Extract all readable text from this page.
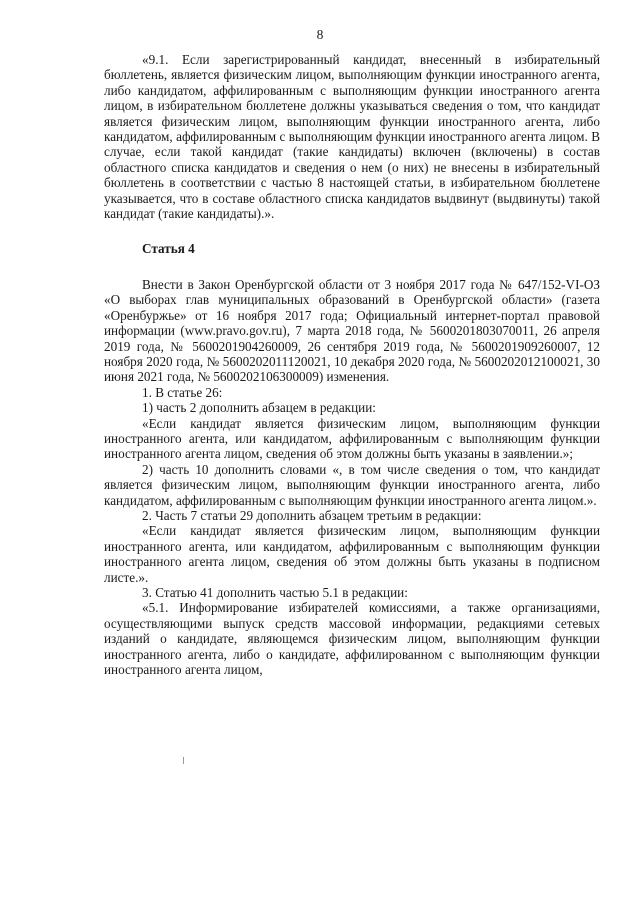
8

«9.1. Если зарегистрированный кандидат, внесенный в избирательный бюллетень, является физическим лицом, выполняющим функции иностранного агента, либо кандидатом, аффилированным с выполняющим функции иностранного агента лицом, в избирательном бюллетене должны указываться сведения о том, что кандидат является физическим лицом, выполняющим функции иностранного агента, либо кандидатом, аффилированным с выполняющим функции иностранного агента лицом. В случае, если такой кандидат (такие кандидаты) включен (включены) в состав областного списка кандидатов и сведения о нем (о них) не внесены в избирательный бюллетень в соответствии с частью 8 настоящей статьи, в избирательном бюллетене указывается, что в составе областного списка кандидатов выдвинут (выдвинуты) такой кандидат (такие кандидаты).».

Статья 4

Внести в Закон Оренбургской области от 3 ноября 2017 года № 647/152-VI-ОЗ «О выборах глав муниципальных образований в Оренбургской области» (газета «Оренбуржье» от 16 ноября 2017 года; Официальный интернет-портал правовой информации (www.pravo.gov.ru), 7 марта 2018 года, № 5600201803070011, 26 апреля 2019 года, № 5600201904260009, 26 сентября 2019 года, № 5600201909260007, 12 ноября 2020 года, № 5600202011120021, 10 декабря 2020 года, № 5600202012100021, 30 июня 2021 года, № 5600202106300009) изменения.

1. В статье 26:

1) часть 2 дополнить абзацем в редакции:

«Если кандидат является физическим лицом, выполняющим функции иностранного агента, или кандидатом, аффилированным с выполняющим функции иностранного агента лицом, сведения об этом должны быть указаны в заявлении.»;

2) часть 10 дополнить словами «, в том числе сведения о том, что кандидат является физическим лицом, выполняющим функции иностранного агента, либо кандидатом, аффилированным с выполняющим функции иностранного агента лицом.».

2. Часть 7 статьи 29 дополнить абзацем третьим в редакции:

«Если кандидат является физическим лицом, выполняющим функции иностранного агента, или кандидатом, аффилированным с выполняющим функции иностранного агента лицом, сведения об этом должны быть указаны в подписном листе.».

3. Статью 41 дополнить частью 5.1 в редакции:

«5.1. Информирование избирателей комиссиями, а также организациями, осуществляющими выпуск средств массовой информации, редакциями сетевых изданий о кандидате, являющемся физическим лицом, выполняющим функции иностранного агента, либо о кандидате, аффилированном с выполняющим функции иностранного агента лицом,
